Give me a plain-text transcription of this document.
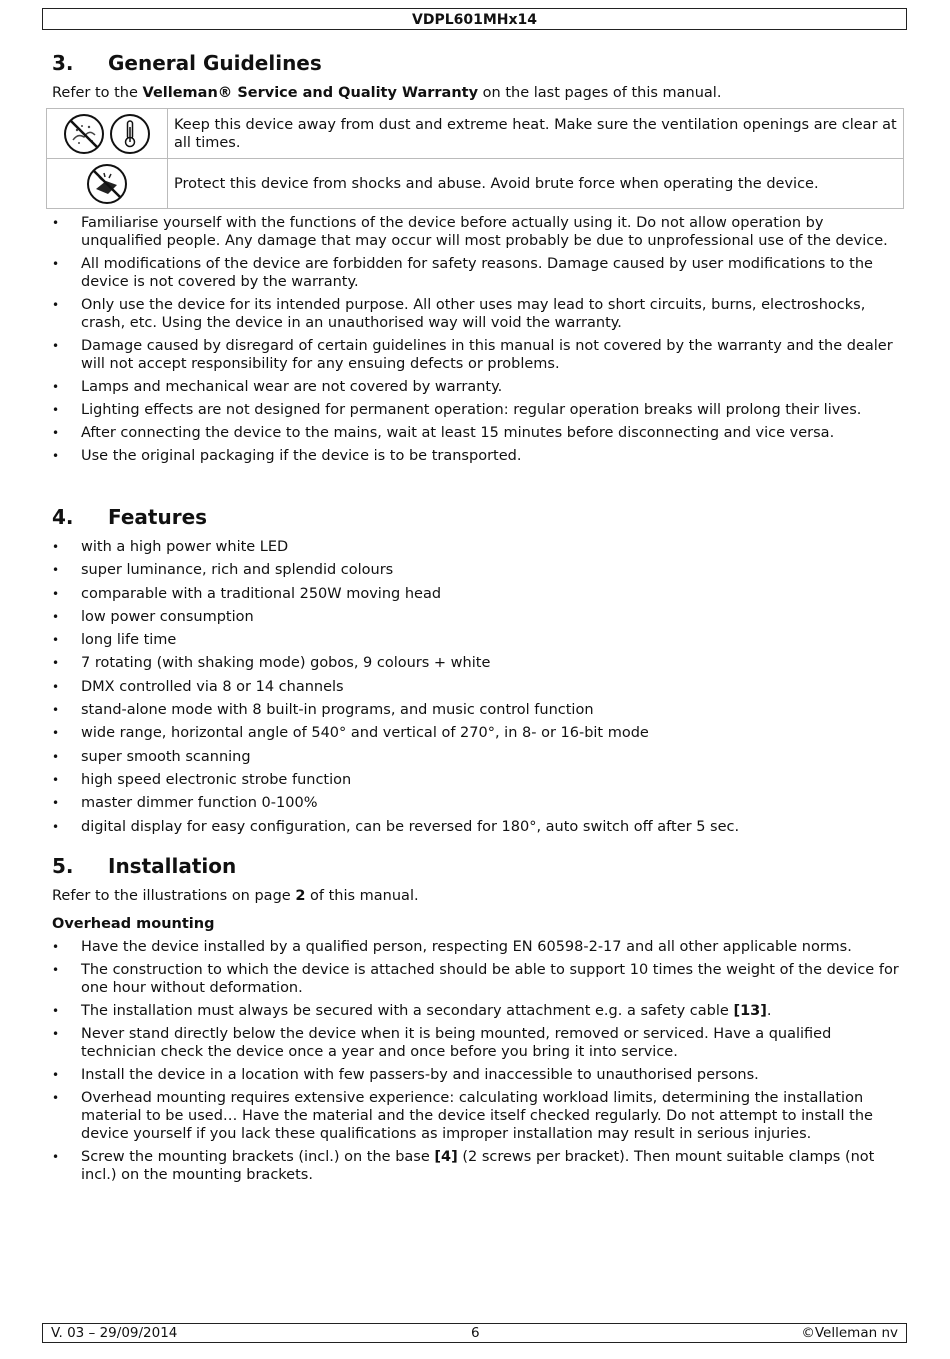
VDPL601MHx14
3.	General Guidelines

Refer to the Velleman® Service and Quality Warranty on the last pages of this manual.

	Keep this device away from dust and extreme heat. Make sure the ventilation openings are clear at all times.
	Protect this device from shocks and abuse. Avoid brute force when operating the device.
• Familiarise yourself with the functions of the device before actually using it. Do not allow operation by unqualified people. Any damage that may occur will most probably be due to unprofessional use of the device.
• All modifications of the device are forbidden for safety reasons. Damage caused by user modifications to the device is not covered by the warranty.
• Only use the device for its intended purpose. All other uses may lead to short circuits, burns, electroshocks, crash, etc. Using the device in an unauthorised way will void the warranty.
• Damage caused by disregard of certain guidelines in this manual is not covered by the warranty and the dealer will not accept responsibility for any ensuing defects or problems.
• Lamps and mechanical wear are not covered by warranty.
• Lighting effects are not designed for permanent operation: regular operation breaks will prolong their lives.
• After connecting the device to the mains, wait at least 15 minutes before disconnecting and vice versa.
• Use the original packaging if the device is to be transported.
4.	Features
• with a high power white LED
• super luminance, rich and splendid colours
• comparable with a traditional 250W moving head
• low power consumption
• long life time
• 7 rotating (with shaking mode) gobos, 9 colours + white
• DMX controlled via 8 or 14 channels
• stand-alone mode with 8 built-in programs, and music control function
• wide range, horizontal angle of 540° and vertical of 270°, in 8- or 16-bit mode
• super smooth scanning
• high speed electronic strobe function
• master dimmer function 0-100%
• digital display for easy configuration, can be reversed for 180°, auto switch off after 5 sec.
5.	Installation

Refer to the illustrations on page 2 of this manual.

Overhead mounting

• Have the device installed by a qualified person, respecting EN 60598-2-17 and all other applicable norms.
• The construction to which the device is attached should be able to support 10 times the weight of the device for one hour without deformation.
• The installation must always be secured with a secondary attachment e.g. a safety cable [13].
• Never stand directly below the device when it is being mounted, removed or serviced. Have a qualified technician check the device once a year and once before you bring it into service.
• Install the device in a location with few passers-by and inaccessible to unauthorised persons.
• Overhead mounting requires extensive experience: calculating workload limits, determining the installation material to be used… Have the material and the device itself checked regularly. Do not attempt to install the device yourself if you lack these qualifications as improper installation may result in serious injuries.
• Screw the mounting brackets (incl.) on the base [4] (2 screws per bracket). Then mount suitable clamps (not incl.) on the mounting brackets.
V. 03 – 29/09/2014	6	©Velleman nv
